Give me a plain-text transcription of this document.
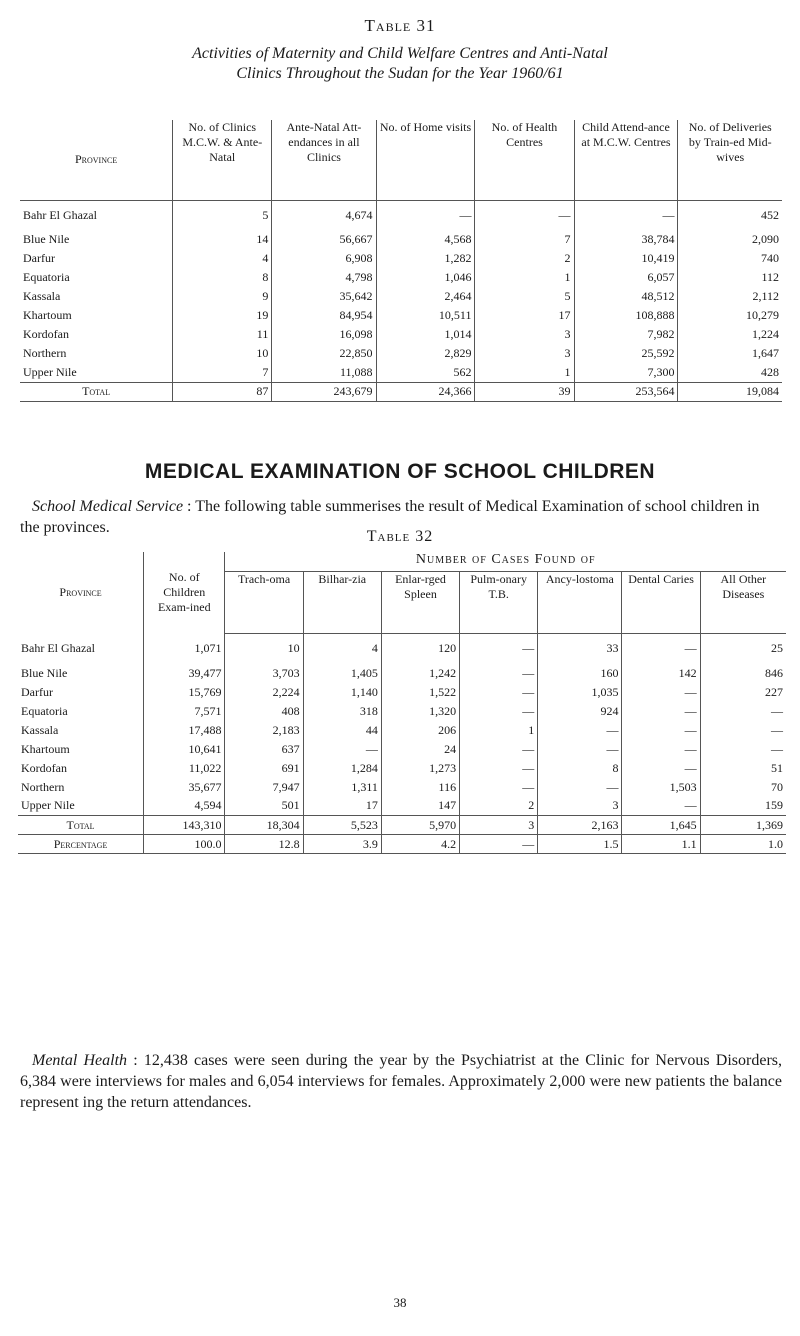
Table 31
Activities of Maternity and Child Welfare Centres and Anti-Natal
Clinics Throughout the Sudan for the Year 1960/61
Province	No. of Clinics M.C.W. & Ante-Natal	Ante-Natal Att-endances in all Clinics	No. of Home visits	No. of Health Centres	Child Attend-ance at M.C.W. Centres	No. of Deliveries by Train-ed Mid-wives
Bahr El Ghazal	5	4,674	—	—	—	452
Blue Nile	14	56,667	4,568	7	38,784	2,090
Darfur	4	6,908	1,282	2	10,419	740
Equatoria	8	4,798	1,046	1	6,057	112
Kassala	9	35,642	2,464	5	48,512	2,112
Khartoum	19	84,954	10,511	17	108,888	10,279
Kordofan	11	16,098	1,014	3	7,982	1,224
Northern	10	22,850	2,829	3	25,592	1,647
Upper Nile	7	11,088	562	1	7,300	428
Total	87	243,679	24,366	39	253,564	19,084
MEDICAL EXAMINATION OF SCHOOL CHILDREN
School Medical Service : The following table summerises the result of Medical Examination of school children in the provinces.
Table 32
Province	No. of Children Exam-ined	Number of Cases Found of						
		Trach-oma	Bilhar-zia	Enlar-rged Spleen	Pulm-onary T.B.	Ancy-lostoma	Dental Caries	All Other Diseases
Bahr El Ghazal	1,071	10	4	120	—	33	—	25
Blue Nile	39,477	3,703	1,405	1,242	—	160	142	846
Darfur	15,769	2,224	1,140	1,522	—	1,035	—	227
Equatoria	7,571	408	318	1,320	—	924	—	—
Kassala	17,488	2,183	44	206	1	—	—	—
Khartoum	10,641	637	—	24	—	—	—	—
Kordofan	11,022	691	1,284	1,273	—	8	—	51
Northern	35,677	7,947	1,311	116	—	—	1,503	70
Upper Nile	4,594	501	17	147	2	3	—	159
Total	143,310	18,304	5,523	5,970	3	2,163	1,645	1,369
Percentage	100.0	12.8	3.9	4.2	—	1.5	1.1	1.0
Mental Health : 12,438 cases were seen during the year by the Psychiatrist at the Clinic for Nervous Disorders, 6,384 were interviews for males and 6,054 interviews for females. Approximately 2,000 were new patients the balance represent ing the return attendances.
38
